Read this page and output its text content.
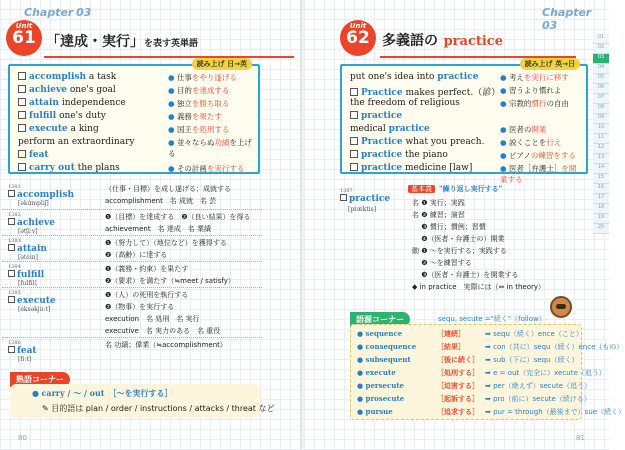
Chapter 03
Unit
61 「達成・実行」を表す英単語
読み上げ 日→英
accomplish a task	● 仕事をやり遂げる
achieve one's goal	● 目的を達成する
attain independence	● 独立を勝ち取る
fulfill one's duty	● 義務を果たす
execute a king	● 国王を処刑する
perform an extraordinary	● 並々ならぬ功績を上げる
feat
carry out the plans	● その計画を実行する
1381
accomplish
[əkɑ́mpliʃ]
（仕事・目標）を成し遂げる；成就する
accomplishment　名 成就　名 芸
1382
achieve
[ətʃíːv]
❶（目標）を達成する　❷（良い結果）を得る
achievement　名 達成　名 業績
1383
attain
[ətéin]
❶（努力して）（地位など）を獲得する
❷（高齢）に達する
1384
fulfill
[fulfíl]
❶（義務・約束）を果たす
❷（要求）を満たす（≒meet / satisfy）
1385
execute
[éksəkjùːt]
❶（人）の死刑を執行する
❷（物事）を実行する
execution　名 処刑　名 実行
executive　名 実力のある　名 重役
1386
feat
[fiːt]
名 功績；偉業（≒accomplishment）
熟語コーナー
● carry / ～ / out　［～を実行する］
✎ 目的語は plan / order / instructions / attacks / threat など
80
Chapter 03
Unit
62 多義語の practice
読み上げ 英→日
put one's idea into practice	● 考えを実行に移す
Practice makes perfect.（諺） ● 習うより慣れよ
the freedom of religious	● 宗教的慣行の自由
practice
medical practice	● 医者の開業
Practice what you preach. ● 説くことを行え
practice the piano	● ピアノの練習をする
practice medicine [law]	● 医者［弁護士］を開業する
1387
practice
[prǽktis]
基本義 "繰り返し実行する"
名 ❶ 実行；実践
名 ❷ 練習；演習
　 ❸ 慣行；慣例；習慣
　 ❹（医者・弁護士の）開業
動 ❶ ～を実行する；実践する
　 ❷ ～を練習する
　 ❸（医者・弁護士）を開業する
◆ in practice　実際には（⇔ in theory）
語源コーナー	sequ, secute ="続く"（follow）
● sequence	［連続］	➡ sequ（続く）ence（こと）
● consequence	［結果］	➡ con（共に）sequ（続く）ence（もの）
● subsequent	［後に続く］ ➡ sub（下に）sequ（続く）
● execute	［処刑する］ ➡ e = out（完全に）xecute（追う）
● persecute	［迫害する］ ➡ per（絶えず）secute（追う）
● prosecute	［起訴する］ ➡ pro（前に）secute（続ける）
● pursue	［追求する］ ➡ pur = through（最後まで）sue（続く）
81
01
02
03
04
05
06
07
08
09
10
11
12
13
14
15
16
17
18
19
20
